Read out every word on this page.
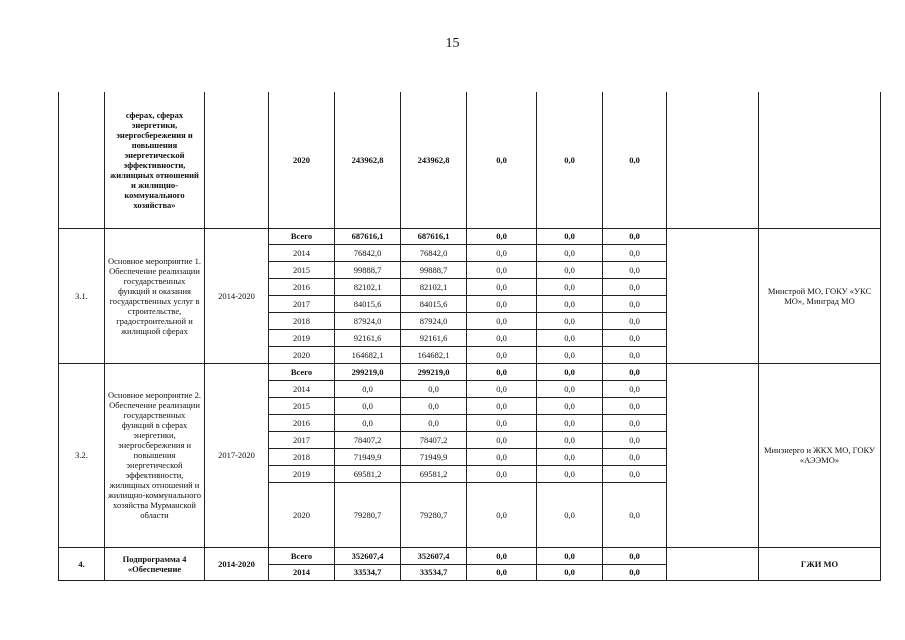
15
	сферах, сферах энергетики, энергосбережения и повышения энергетической эффективности, жилищных отношений и жилищно-коммунального хозяйства»		2020	243962,8	243962,8	0,0	0,0	0,0		
3.1.	Основное мероприятие 1. Обеспечение реализации государственных функций и оказания государственных услуг в строительстве, градостроительной и жилищной сферах	2014-2020	Всего	687616,1	687616,1	0,0	0,0	0,0		Минстрой МО, ГОКУ «УКС МО», Минград МО
			2014	76842,0	76842,0	0,0	0,0	0,0		
			2015	99888,7	99888,7	0,0	0,0	0,0		
			2016	82102,1	82102,1	0,0	0,0	0,0		
			2017	84015,6	84015,6	0,0	0,0	0,0		
			2018	87924,0	87924,0	0,0	0,0	0,0		
			2019	92161,6	92161,6	0,0	0,0	0,0		
			2020	164682,1	164682,1	0,0	0,0	0,0		
3.2.	Основное мероприятие 2. Обеспечение реализации государственных функций в сферах энергетики, энергосбережения и повышения энергетической эффективности, жилищных отношений и жилищно-коммунального хозяйства Мурманской области	2017-2020	Всего	299219,0	299219,0	0,0	0,0	0,0		Минэнерго и ЖКХ МО, ГОКУ «АЭЭМО»
			2014	0,0	0,0	0,0	0,0	0,0		
			2015	0,0	0,0	0,0	0,0	0,0		
			2016	0,0	0,0	0,0	0,0	0,0		
			2017	78407,2	78407,2	0,0	0,0	0,0		
			2018	71949,9	71949,9	0,0	0,0	0,0		
			2019	69581,2	69581,2	0,0	0,0	0,0		
			2020	79280,7	79280,7	0,0	0,0	0,0		
4.	Подпрограмма 4 «Обеспечение	2014-2020	Всего	352607,4	352607,4	0,0	0,0	0,0		ГЖИ МО
			2014	33534,7	33534,7	0,0	0,0	0,0		
